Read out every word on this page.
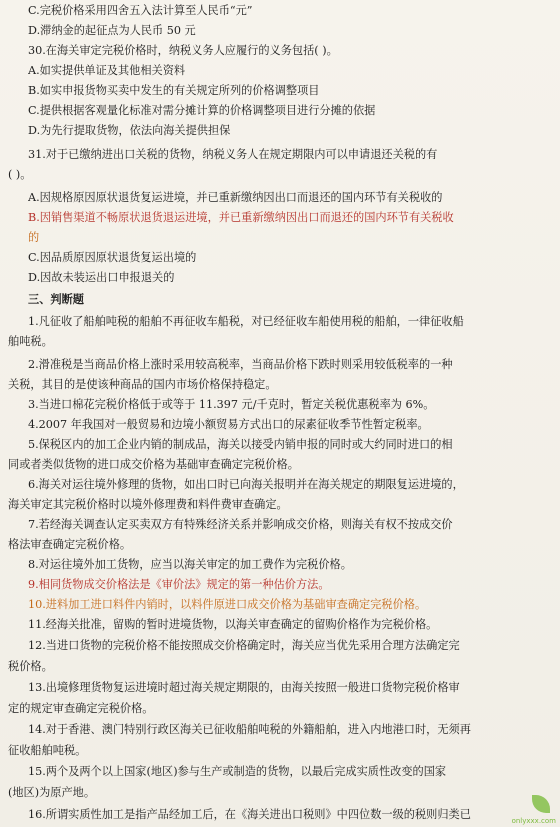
C.完税价格采用四舍五入法计算至人民币“元”
D.滞纳金的起征点为人民币 50 元
30.在海关审定完税价格时，纳税义务人应履行的义务包括( )。
A.如实提供单证及其他相关资料
B.如实申报货物买卖中发生的有关规定所列的价格调整项目
C.提供根据客观量化标准对需分摊计算的价格调整项目进行分摊的依据
D.为先行提取货物，依法向海关提供担保
31.对于已缴纳进出口关税的货物，纳税义务人在规定期限内可以申请退还关税的有
( )。
A.因规格原因原状退货复运进境，并已重新缴纳因出口而退还的国内环节有关税收的
B.因销售渠道不畅原状退货退运进境，并已重新缴纳因出口而退还的国内环节有关税收
的
C.因品质原因原状退货复运出境的
D.因故未装运出口申报退关的
三、判断题
1.凡征收了船舶吨税的船舶不再征收车船税，对已经征收车船使用税的船舶，一律征收船
舶吨税。
2.滑准税是当商品价格上涨时采用较高税率，当商品价格下跌时则采用较低税率的一种
关税，其目的是使该种商品的国内市场价格保持稳定。
3.当进口棉花完税价格低于或等于 11.397 元/千克时，暂定关税优惠税率为 6%。
4.2007 年我国对一般贸易和边境小额贸易方式出口的尿素征收季节性暂定税率。
5.保税区内的加工企业内销的制成品，海关以接受内销申报的同时或大约同时进口的相
同或者类似货物的进口成交价格为基础审查确定完税价格。
6.海关对运往境外修理的货物，如出口时已向海关报明并在海关规定的期限复运进境的，
海关审定其完税价格时以境外修理费和料件费审查确定。
7.若经海关调查认定买卖双方有特殊经济关系并影响成交价格，则海关有权不按成交价
格法审查确定完税价格。
8.对运往境外加工货物，应当以海关审定的加工费作为完税价格。
9.相同货物成交价格法是《审价法》规定的第一种估价方法。
10.进料加工进口料件内销时，以料件原进口成交价格为基础审查确定完税价格。
11.经海关批准，留购的暂时进境货物，以海关审查确定的留购价格作为完税价格。
12.当进口货物的完税价格不能按照成交价格确定时，海关应当优先采用合理方法确定完
税价格。
13.出境修理货物复运进境时超过海关规定期限的，由海关按照一般进口货物完税价格审
定的规定审查确定完税价格。
14.对于香港、澳门特别行政区海关已征收船舶吨税的外籍船舶，进入内地港口时，无须再
征收船舶吨税。
15.两个及两个以上国家(地区)参与生产或制造的货物，以最后完成实质性改变的国家
(地区)为原产地。
16.所谓实质性加工是指产品经加工后，在《海关进出口税则》中四位数一级的税则归类已	onlyxxx.com
